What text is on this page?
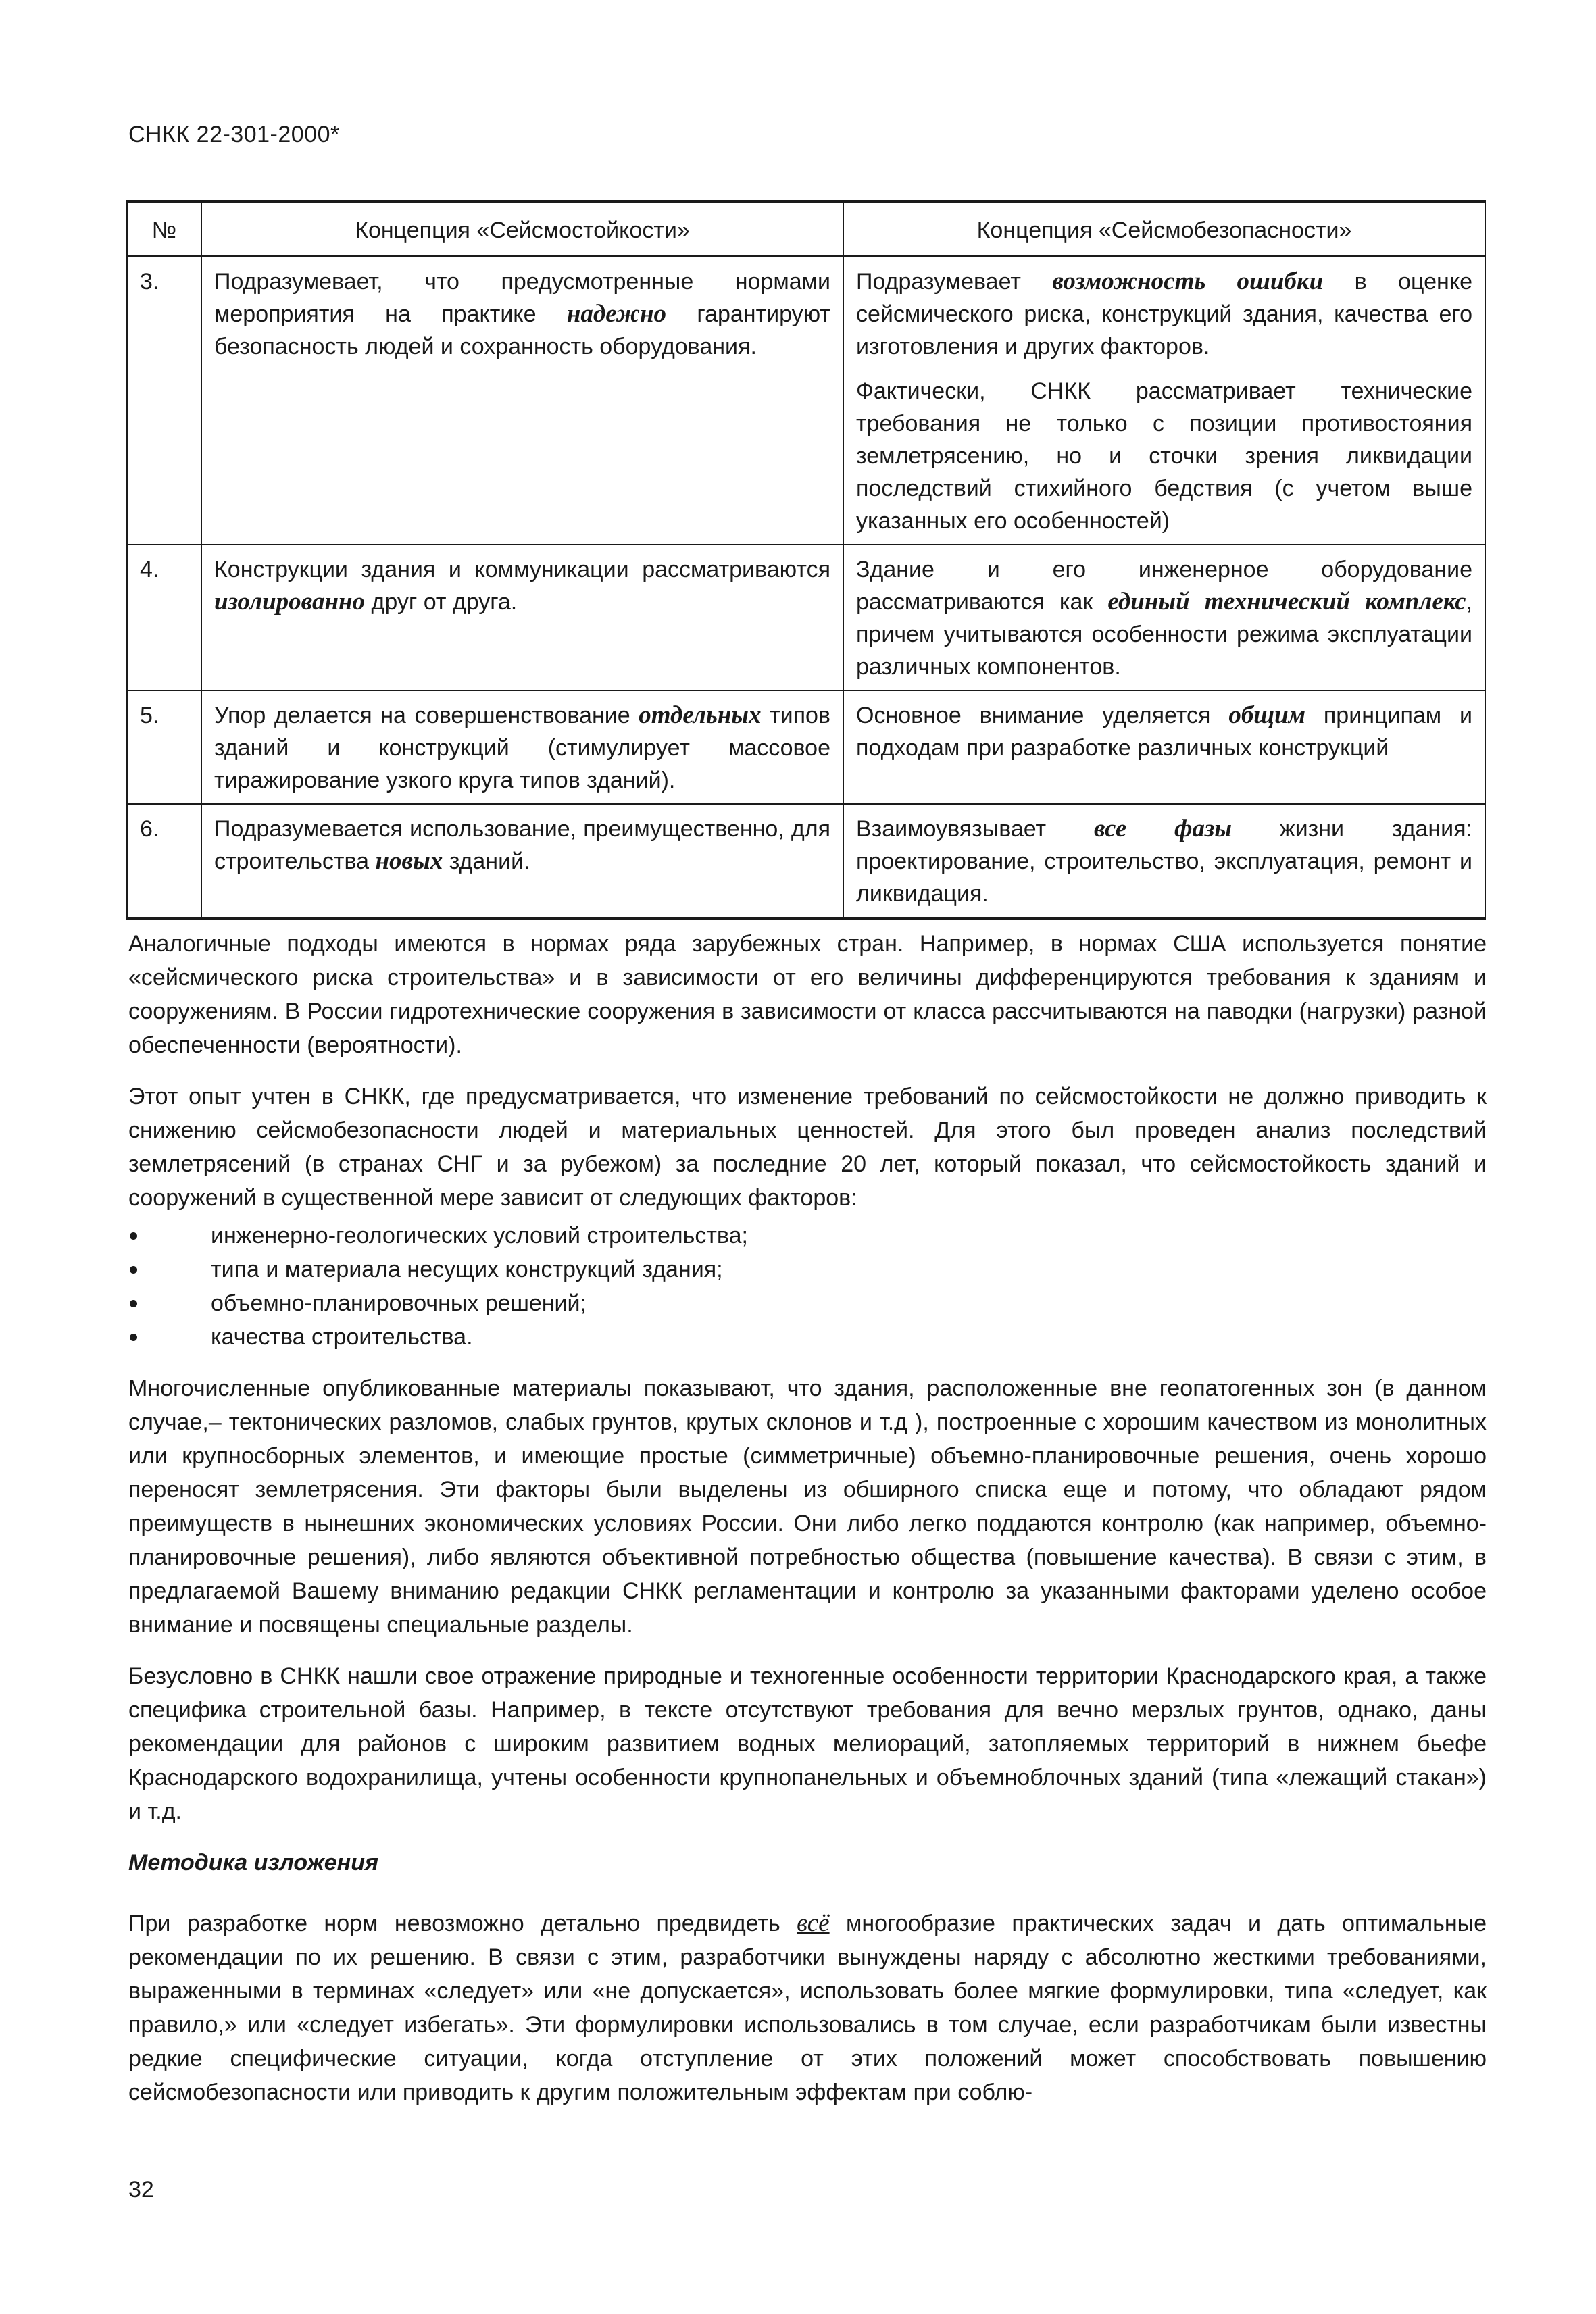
СНКК 22-301-2000*
№	Концепция «Сейсмостойкости»	Концепция «Сейсмобезопасности»
3.	Подразумевает, что предусмотренные нормами мероприятия на практике надежно гарантируют безопасность людей и сохранность оборудования.	Подразумевает возможность ошибки в оценке сейсмического риска, конструкций здания, качества его изготовления и других факторов.

Фактически, СНКК рассматривает технические требования не только с позиции противостояния землетрясению, но и сточки зрения ликвидации последствий стихийного бедствия (с учетом выше указанных его особенностей)

4.	Конструкции здания и коммуникации рассматриваются изолированно друг от друга.	Здание и его инженерное оборудование рассматриваются как единый технический комплекс, причем учитываются особенности режима эксплуатации различных компонентов.
5.	Упор делается на совершенствование отдельных типов зданий и конструкций (стимулирует массовое тиражирование узкого круга типов зданий).	Основное внимание уделяется общим принципам и подходам при разработке различных конструкций
6.	Подразумевается использование, преимущественно, для строительства новых зданий.	Взаимоувязывает все фазы жизни здания: проектирование, строительство, эксплуатация, ремонт и ликвидация.

Аналогичные подходы имеются в нормах ряда зарубежных стран. Например, в нормах США используется понятие «сейсмического риска строительства» и в зависимости от его величины дифференцируются требования к зданиям и сооружениям. В России гидротехнические сооружения в зависимости от класса рассчитываются на паводки (нагрузки) разной обеспеченности (вероятности).

Этот опыт учтен в СНКК, где предусматривается, что изменение требований по сейсмостойкости не должно приводить к снижению сейсмобезопасности людей и материальных ценностей. Для этого был проведен анализ последствий землетрясений (в странах СНГ и за рубежом) за последние 20 лет, который показал, что сейсмостойкость зданий и сооружений в существенной мере зависит от следующих факторов:

инженерно-геологических условий строительства;
типа и материала несущих конструкций здания;
объемно-планировочных решений;
качества строительства.

Многочисленные опубликованные материалы показывают, что здания, расположенные вне геопатогенных зон (в данном случае,– тектонических разломов, слабых грунтов, крутых склонов и т.д ), построенные с хорошим качеством из монолитных или крупносборных элементов, и имеющие простые (симметричные) объемно-планировочные решения, очень хорошо переносят землетрясения. Эти факторы были выделены из обширного списка еще и потому, что обладают рядом преимуществ в нынешних экономических условиях России. Они либо легко поддаются контролю (как например, объемно-планировочные решения), либо являются объективной потребностью общества (повышение качества). В связи с этим, в предлагаемой Вашему вниманию редакции СНКК регламентации и контролю за указанными факторами уделено особое внимание и посвящены специальные разделы.

Безусловно в СНКК нашли свое отражение природные и техногенные особенности территории Краснодарского края, а также специфика строительной базы. Например, в тексте отсутствуют требования для вечно мерзлых грунтов, однако, даны рекомендации для районов с широким развитием водных мелиораций, затопляемых территорий в нижнем бьефе Краснодарского водохранилища, учтены особенности крупнопанельных и объемноблочных зданий (типа «лежащий стакан») и т.д.

Методика изложения

При разработке норм невозможно детально предвидеть всё многообразие практических задач и дать оптимальные рекомендации по их решению. В связи с этим, разработчики вынуждены наряду с абсолютно жесткими требованиями, выраженными в терминах «следует» или «не допускается», использовать более мягкие формулировки, типа «следует, как правило,» или «следует избегать». Эти формулировки использовались в том случае, если разработчикам были известны редкие специфические ситуации, когда отступление от этих положений может способствовать повышению сейсмобезопасности или приводить к другим положительным эффектам при соблю-

32
